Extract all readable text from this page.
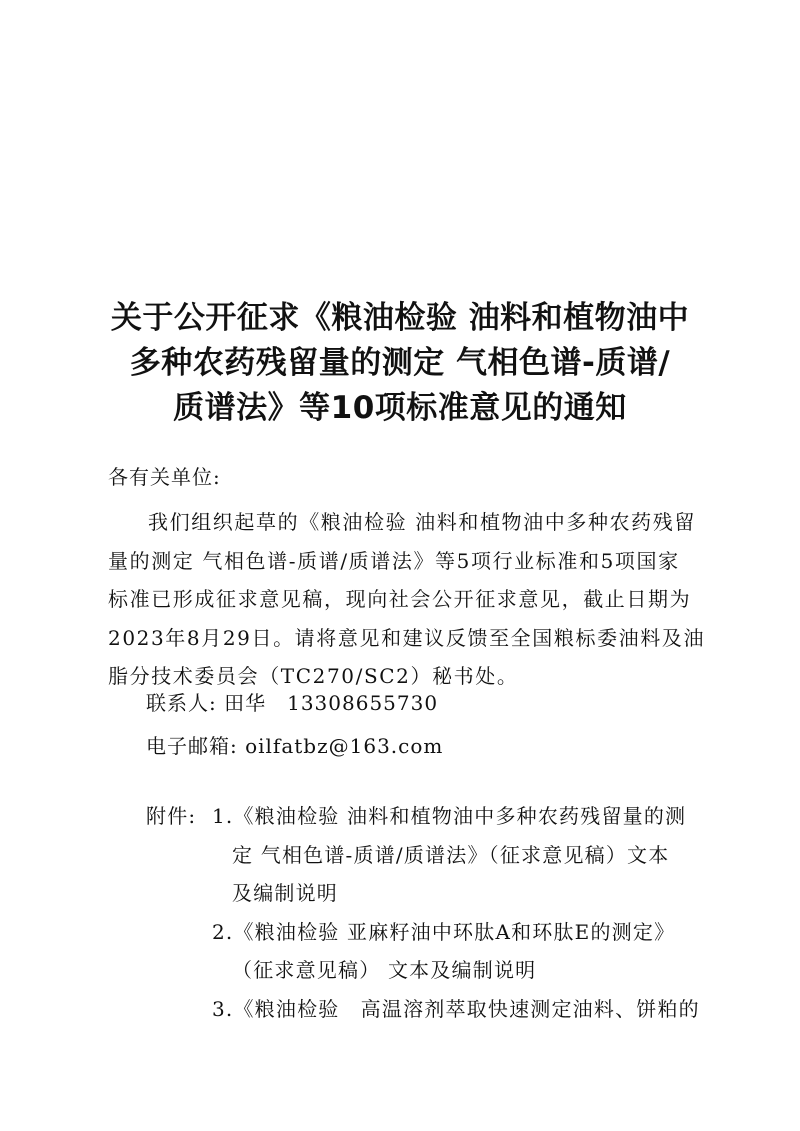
关于公开征求《粮油检验 油料和植物油中
多种农药残留量的测定 气相色谱-质谱/
质谱法》等10项标准意见的通知
各有关单位:
我们组织起草的《粮油检验 油料和植物油中多种农药残留
量的测定 气相色谱-质谱/质谱法》等5项行业标准和5项国家
标准已形成征求意见稿，现向社会公开征求意见，截止日期为
2023年8月29日。请将意见和建议反馈至全国粮标委油料及油
脂分技术委员会（TC270/SC2）秘书处。
联系人: 田华　13308655730
电子邮箱: oilfatbz@163.com
附件: 1.《粮油检验 油料和植物油中多种农药残留量的测
定 气相色谱-质谱/质谱法》（征求意见稿）文本
及编制说明
2.《粮油检验 亚麻籽油中环肽A和环肽E的测定》
（征求意见稿） 文本及编制说明
3.《粮油检验　高温溶剂萃取快速测定油料、饼粕的
